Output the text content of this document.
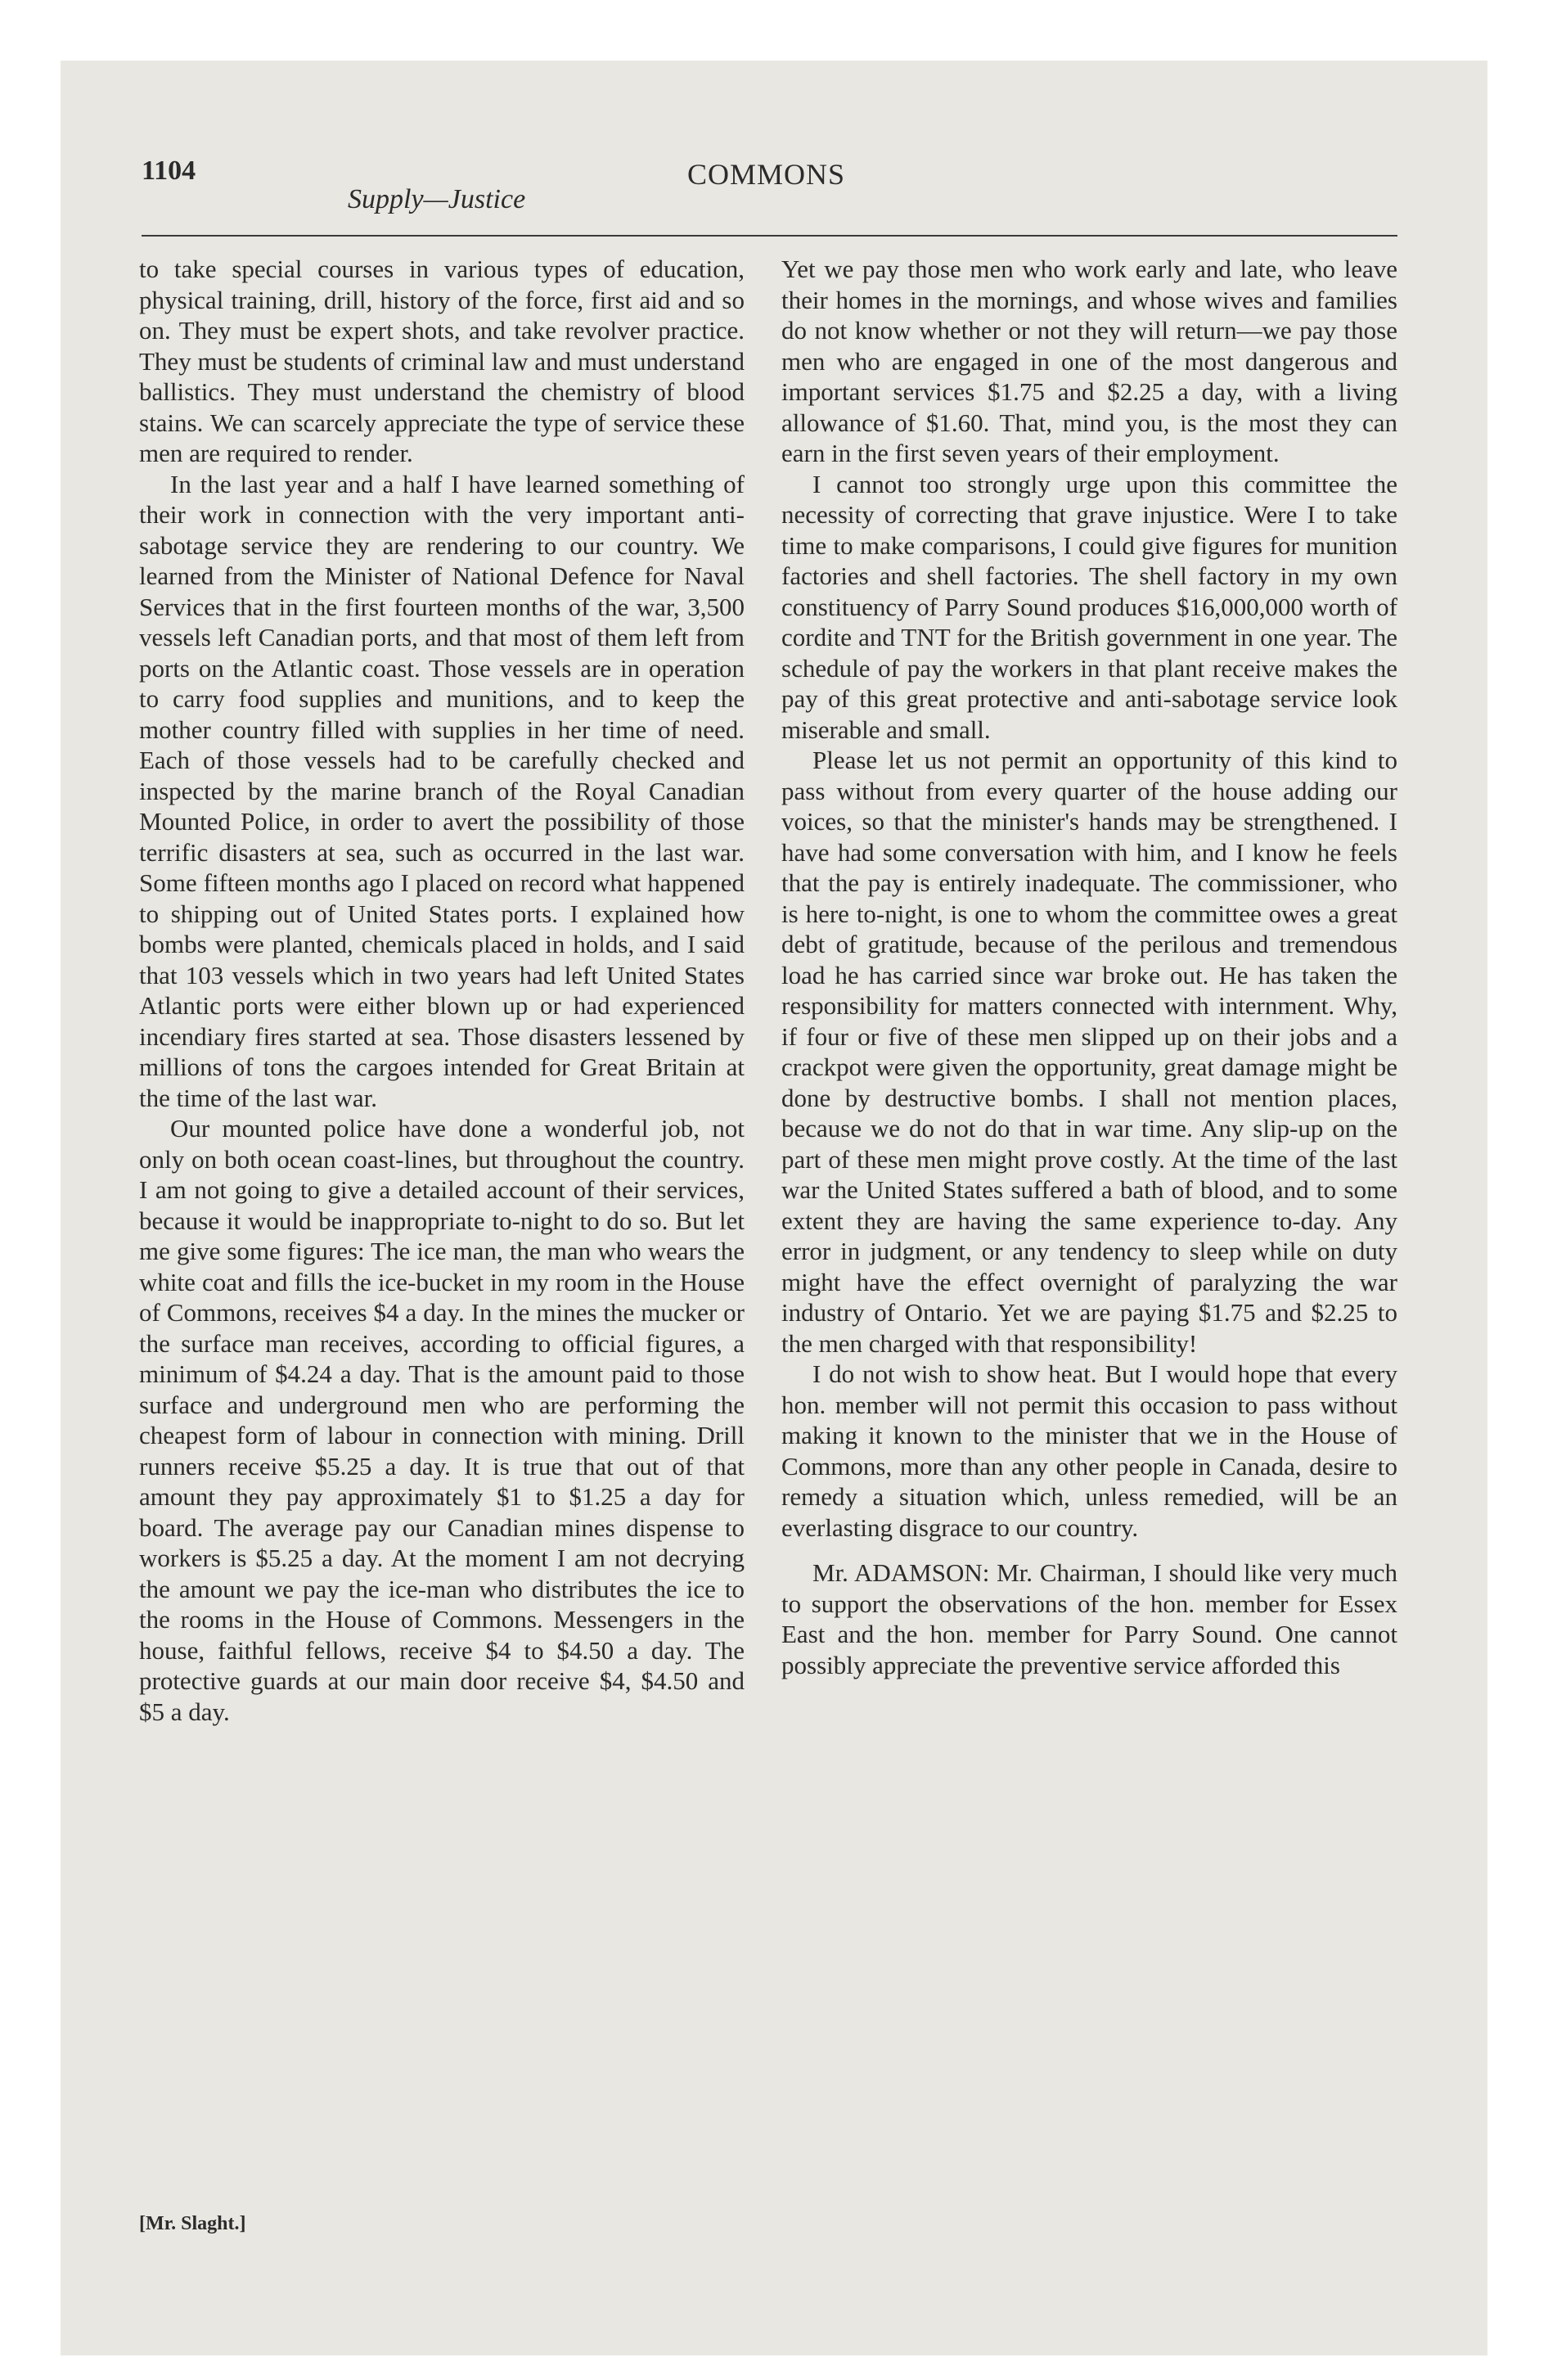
1104	COMMONS
Supply—Justice

to take special courses in various types of education, physical training, drill, history of the force, first aid and so on. They must be expert shots, and take revolver practice. They must be students of criminal law and must understand ballistics. They must understand the chemistry of blood stains. We can scarcely appreciate the type of service these men are required to render.

In the last year and a half I have learned something of their work in connection with the very important anti-sabotage service they are rendering to our country. We learned from the Minister of National Defence for Naval Services that in the first fourteen months of the war, 3,500 vessels left Canadian ports, and that most of them left from ports on the Atlantic coast. Those vessels are in operation to carry food supplies and munitions, and to keep the mother country filled with supplies in her time of need. Each of those vessels had to be carefully checked and inspected by the marine branch of the Royal Canadian Mounted Police, in order to avert the possibility of those terrific disasters at sea, such as occurred in the last war. Some fifteen months ago I placed on record what happened to shipping out of United States ports. I explained how bombs were planted, chemicals placed in holds, and I said that 103 vessels which in two years had left United States Atlantic ports were either blown up or had experienced incendiary fires started at sea. Those disasters lessened by millions of tons the cargoes intended for Great Britain at the time of the last war.

Our mounted police have done a wonderful job, not only on both ocean coast-lines, but throughout the country. I am not going to give a detailed account of their services, because it would be inappropriate to-night to do so. But let me give some figures: The ice man, the man who wears the white coat and fills the ice-bucket in my room in the House of Commons, receives $4 a day. In the mines the mucker or the surface man receives, according to official figures, a minimum of $4.24 a day. That is the amount paid to those surface and underground men who are performing the cheapest form of labour in connection with mining. Drill runners receive $5.25 a day. It is true that out of that amount they pay approximately $1 to $1.25 a day for board. The average pay our Canadian mines dispense to workers is $5.25 a day. At the moment I am not decrying the amount we pay the ice-man who distributes the ice to the rooms in the House of Commons. Messengers in the house, faithful fellows, receive $4 to $4.50 a day. The protective guards at our main door receive $4, $4.50 and $5 a day.

Yet we pay those men who work early and late, who leave their homes in the mornings, and whose wives and families do not know whether or not they will return—we pay those men who are engaged in one of the most dangerous and important services $1.75 and $2.25 a day, with a living allowance of $1.60. That, mind you, is the most they can earn in the first seven years of their employment.

I cannot too strongly urge upon this committee the necessity of correcting that grave injustice. Were I to take time to make comparisons, I could give figures for munition factories and shell factories. The shell factory in my own constituency of Parry Sound produces $16,000,000 worth of cordite and TNT for the British government in one year. The schedule of pay the workers in that plant receive makes the pay of this great protective and anti-sabotage service look miserable and small.

Please let us not permit an opportunity of this kind to pass without from every quarter of the house adding our voices, so that the minister's hands may be strengthened. I have had some conversation with him, and I know he feels that the pay is entirely inadequate. The commissioner, who is here to-night, is one to whom the committee owes a great debt of gratitude, because of the perilous and tremendous load he has carried since war broke out. He has taken the responsibility for matters connected with internment. Why, if four or five of these men slipped up on their jobs and a crackpot were given the opportunity, great damage might be done by destructive bombs. I shall not mention places, because we do not do that in war time. Any slip-up on the part of these men might prove costly. At the time of the last war the United States suffered a bath of blood, and to some extent they are having the same experience to-day. Any error in judgment, or any tendency to sleep while on duty might have the effect overnight of paralyzing the war industry of Ontario. Yet we are paying $1.75 and $2.25 to the men charged with that responsibility!

I do not wish to show heat. But I would hope that every hon. member will not permit this occasion to pass without making it known to the minister that we in the House of Commons, more than any other people in Canada, desire to remedy a situation which, unless remedied, will be an everlasting disgrace to our country.

Mr. ADAMSON: Mr. Chairman, I should like very much to support the observations of the hon. member for Essex East and the hon. member for Parry Sound. One cannot possibly appreciate the preventive service afforded this

[Mr. Slaght.]
